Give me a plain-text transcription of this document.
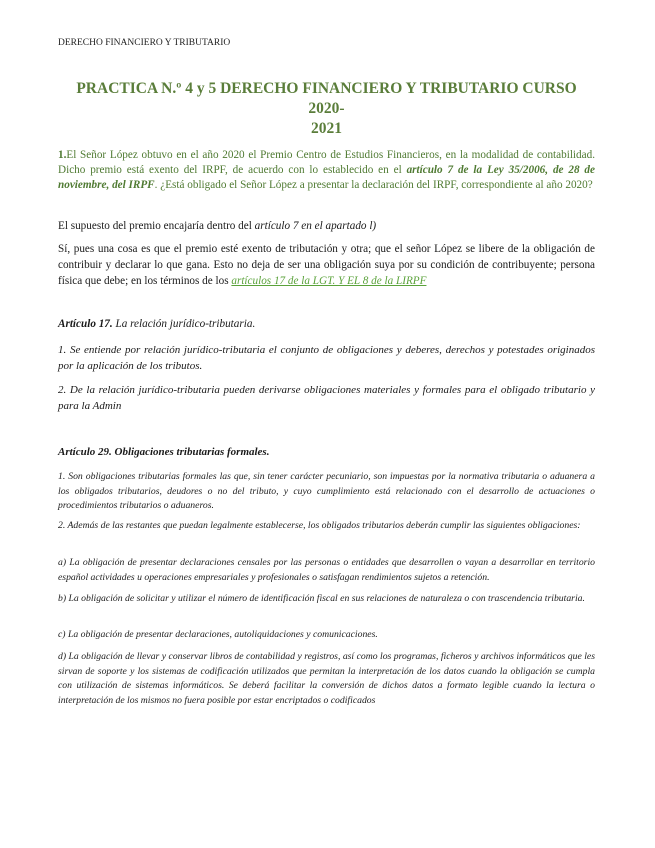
DERECHO FINANCIERO Y TRIBUTARIO
PRACTICA N.º 4 y 5 DERECHO FINANCIERO Y TRIBUTARIO CURSO 2020-
2021
1.El Señor López obtuvo en el año 2020 el Premio Centro de Estudios Financieros, en la modalidad de contabilidad. Dicho premio está exento del IRPF, de acuerdo con lo establecido en el artículo 7 de la Ley 35/2006, de 28 de noviembre, del IRPF. ¿Está obligado el Señor López a presentar la declaración del IRPF, correspondiente al año 2020?
El supuesto del premio encajaría dentro del artículo 7 en el apartado l)
Sí, pues una cosa es que el premio esté exento de tributación y otra; que el señor López se libere de la obligación de contribuir y declarar lo que gana. Esto no deja de ser una obligación suya por su condición de contribuyente; persona física que debe; en los términos de los artículos 17 de la LGT. Y EL 8 de la LIRPF
Artículo 17. La relación jurídico-tributaria.
1. Se entiende por relación jurídico-tributaria el conjunto de obligaciones y deberes, derechos y potestades originados por la aplicación de los tributos.
2. De la relación jurídico-tributaria pueden derivarse obligaciones materiales y formales para el obligado tributario y para la Admin
Artículo 29. Obligaciones tributarias formales.
1. Son obligaciones tributarias formales las que, sin tener carácter pecuniario, son impuestas por la normativa tributaria o aduanera a los obligados tributarios, deudores o no del tributo, y cuyo cumplimiento está relacionado con el desarrollo de actuaciones o procedimientos tributarios o aduaneros.
2. Además de las restantes que puedan legalmente establecerse, los obligados tributarios deberán cumplir las siguientes obligaciones:
a) La obligación de presentar declaraciones censales por las personas o entidades que desarrollen o vayan a desarrollar en territorio español actividades u operaciones empresariales y profesionales o satisfagan rendimientos sujetos a retención.
b) La obligación de solicitar y utilizar el número de identificación fiscal en sus relaciones de naturaleza o con trascendencia tributaria.
c) La obligación de presentar declaraciones, autoliquidaciones y comunicaciones.
d) La obligación de llevar y conservar libros de contabilidad y registros, así como los programas, ficheros y archivos informáticos que les sirvan de soporte y los sistemas de codificación utilizados que permitan la interpretación de los datos cuando la obligación se cumpla con utilización de sistemas informáticos. Se deberá facilitar la conversión de dichos datos a formato legible cuando la lectura o interpretación de los mismos no fuera posible por estar encriptados o codificados
